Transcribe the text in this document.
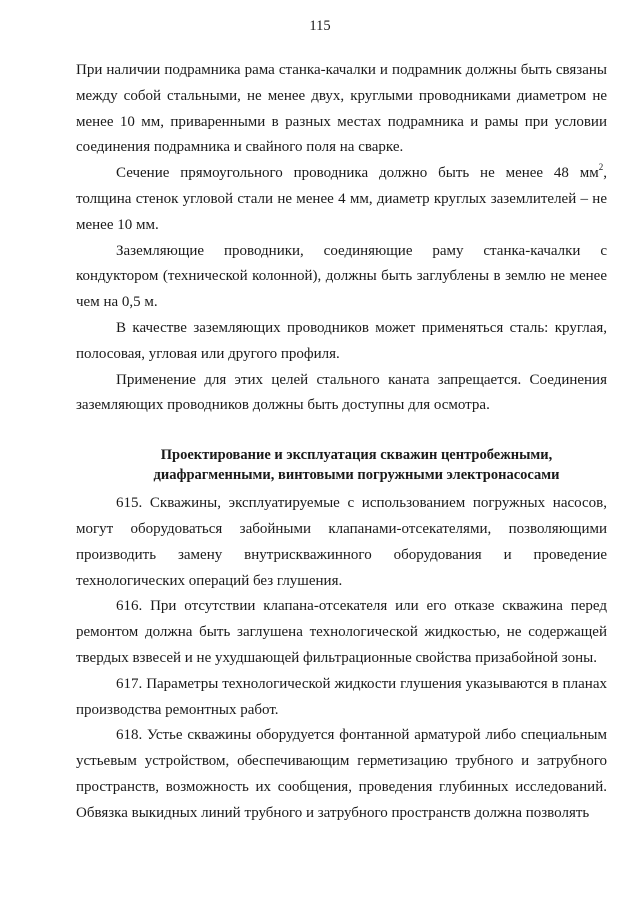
115

При наличии подрамника рама станка-качалки и подрамник должны быть связаны между собой стальными, не менее двух, круглыми проводниками диаметром не менее 10 мм, приваренными в разных местах подрамника и рамы при условии соединения подрамника и свайного поля на сварке.

Сечение прямоугольного проводника должно быть не менее 48 $мм^2$, толщина стенок угловой стали не менее 4 мм, диаметр круглых заземлителей – не менее 10 мм.

Заземляющие проводники, соединяющие раму станка-качалки с кондуктором (технической колонной), должны быть заглублены в землю не менее чем на 0,5 м.

В качестве заземляющих проводников может применяться сталь: круглая, полосовая, угловая или другого профиля.

Применение для этих целей стального каната запрещается. Соединения заземляющих проводников должны быть доступны для осмотра.

Проектирование и эксплуатация скважин центробежными, диафрагменными, винтовыми погружными электронасосами

615. Скважины, эксплуатируемые с использованием погружных насосов, могут оборудоваться забойными клапанами-отсекателями, позволяющими производить замену внутрискважинного оборудования и проведение технологических операций без глушения.

616. При отсутствии клапана-отсекателя или его отказе скважина перед ремонтом должна быть заглушена технологической жидкостью, не содержащей твердых взвесей и не ухудшающей фильтрационные свойства призабойной зоны.

617. Параметры технологической жидкости глушения указываются в планах производства ремонтных работ.

618. Устье скважины оборудуется фонтанной арматурой либо специальным устьевым устройством, обеспечивающим герметизацию трубного и затрубного пространств, возможность их сообщения, проведения глубинных исследований. Обвязка выкидных линий трубного и затрубного пространств должна позволять
